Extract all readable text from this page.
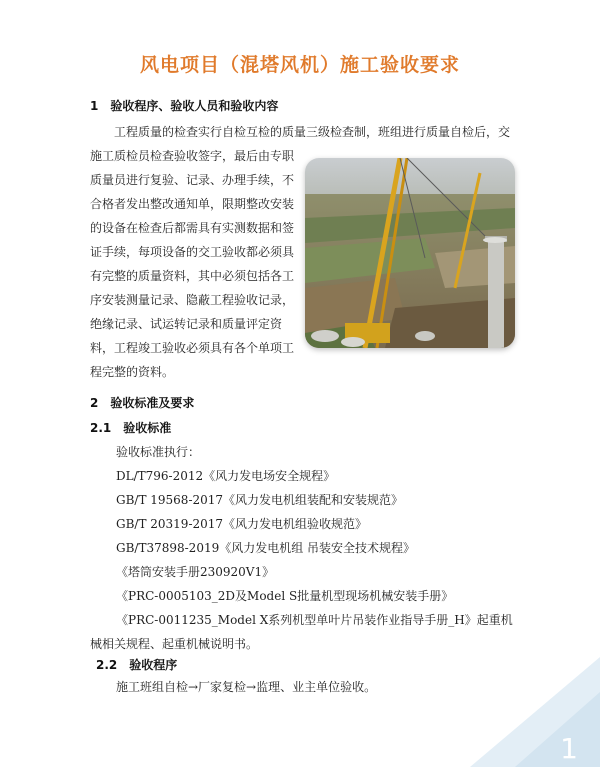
风电项目（混塔风机）施工验收要求
1 验收程序、验收人员和验收内容
工程质量的检查实行自检互检的质量三级检查制，班组进行质量自检后，交
施工质检员检查验收签字，最后由专职质量员进行复验、记录、办理手续，不合格者发出整改通知单，限期整改安装的设备在检查后都需具有实测数据和签证手续，每项设备的交工验收都必须具有完整的质量资料，其中必须包括各工序安装测量记录、隐蔽工程验收记录，绝缘记录、试运转记录和质量评定资料，工程竣工验收必须具有各个单项工程完整的资料。
2 验收标准及要求
2.1 验收标准
验收标准执行：
DL/T796-2012《风力发电场安全规程》
GB/T 19568-2017《风力发电机组装配和安装规范》
GB/T 20319-2017《风力发电机组验收规范》
GB/T37898-2019《风力发电机组 吊装安全技术规程》
《塔筒安装手册230920V1》
《PRC-0005103_2D及Model S批量机型现场机械安装手册》
《PRC-0011235_Model X系列机型单叶片吊装作业指导手册_H》起重机械相关规程、起重机械说明书。
2.2 验收程序
施工班组自检→厂家复检→监理、业主单位验收。
1
